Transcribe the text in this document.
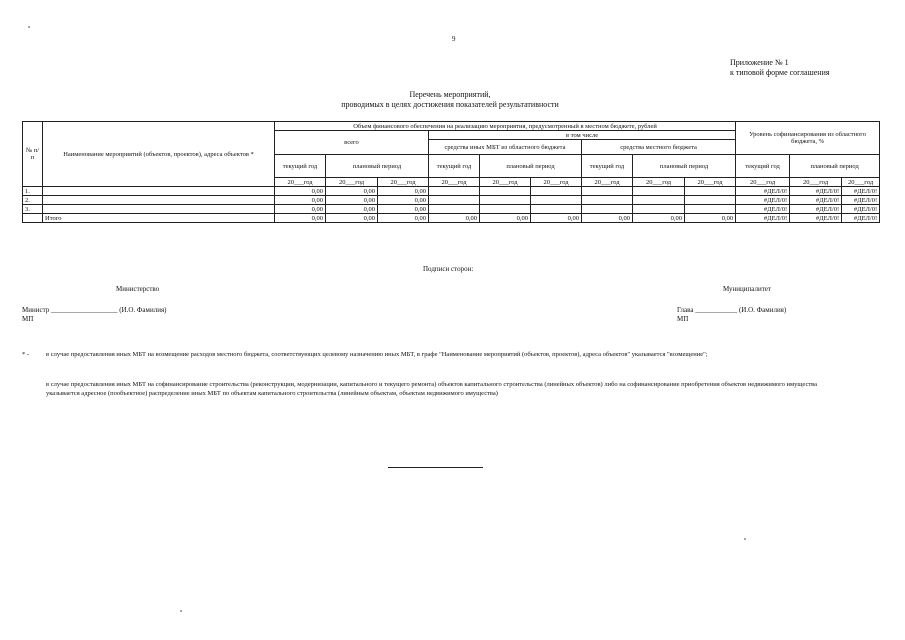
9
Приложение № 1
к типовой форме соглашения
Перечень мероприятий,
проводимых в целях достижения показателей результативности
№ п/п	Наименование мероприятий (объектов, проектов), адреса объектов *	Объем финансового обеспечения на реализацию мероприятия, предусмотренный в местном бюджете, рублей									Уровень софинансирования из областного бюджета, %		
		всего			в том числе								
					средства иных МБТ из областного бюджета			средства местного бюджета					
		текущий год	плановый период		текущий год	плановый период		текущий год	плановый период		текущий год	плановый период	
		20___год	20___год	20___год	20___год	20___год	20___год	20___год	20___год	20___год	20___год	20___год	20___год
1.		0,00	0,00	0,00							#ДЕЛ/0!	#ДЕЛ/0!	#ДЕЛ/0!
2.		0,00	0,00	0,00							#ДЕЛ/0!	#ДЕЛ/0!	#ДЕЛ/0!
3.		0,00	0,00	0,00							#ДЕЛ/0!	#ДЕЛ/0!	#ДЕЛ/0!
	Итого	0,00	0,00	0,00	0,00	0,00	0,00	0,00	0,00	0,00	#ДЕЛ/0!	#ДЕЛ/0!	#ДЕЛ/0!
Подписи сторон:
Министерство	Муниципалитет
Министр ___________________ (И.О. Фамилия)
МП
Глава ____________ (И.О. Фамилия)
МП
* -	в случае предоставления иных МБТ на возмещение расходов местного бюджета, соответствующих целевому назначению иных МБТ, в графе "Наименование мероприятий (объектов, проектов), адреса объектов" указывается "возмещение";
в случае предоставления иных МБТ на софинансирование строительства (реконструкции, модернизации, капитального и текущего ремонта) объектов капитального строительства (линейных объектов) либо на софинансирование приобретения объектов недвижимого имущества указывается адресное (пообъектное) распределение иных МБТ по объектам капитального строительства (линейным объектам, объектам недвижимого имущества)
